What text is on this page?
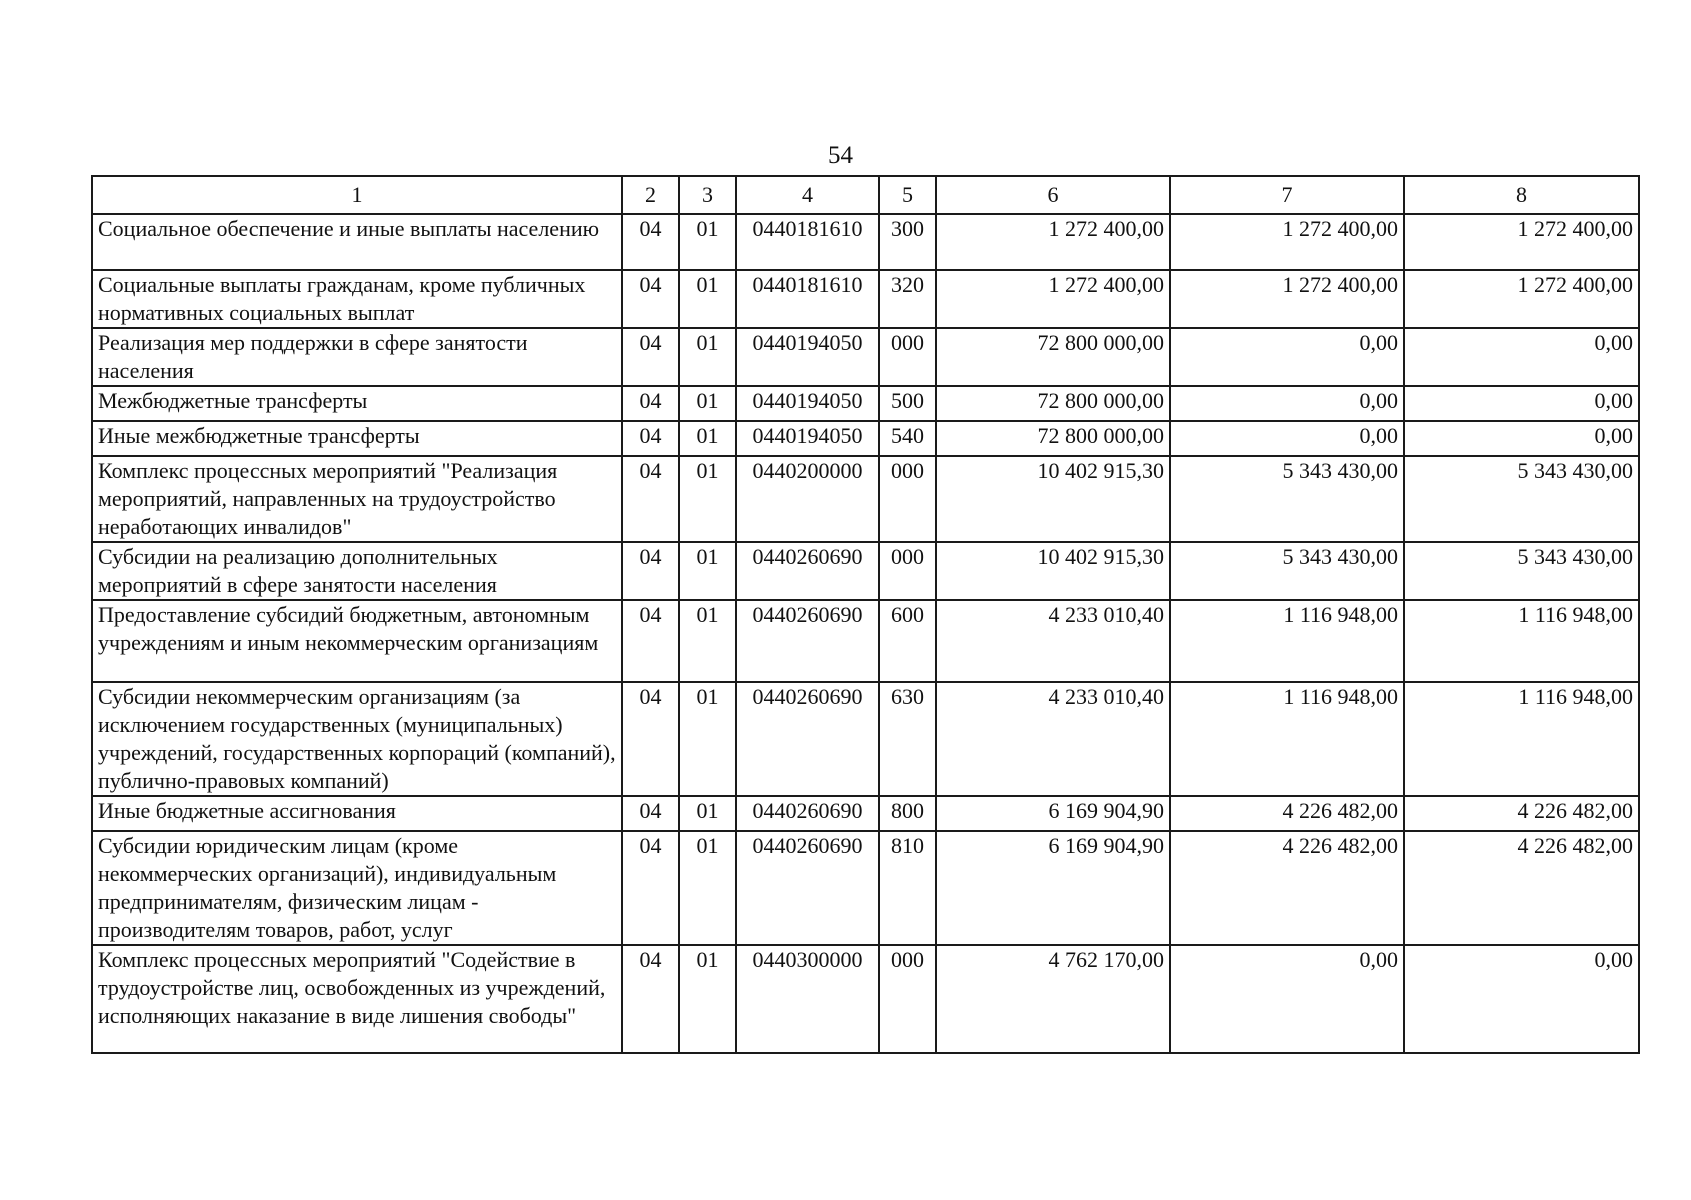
54
1	2	3	4	5	6	7	8
Социальное обеспечение и иные выплаты населению	04	01	0440181610	300	1 272 400,00	1 272 400,00	1 272 400,00
Социальные выплаты гражданам, кроме публичных нормативных социальных выплат	04	01	0440181610	320	1 272 400,00	1 272 400,00	1 272 400,00
Реализация мер поддержки в сфере занятости населения	04	01	0440194050	000	72 800 000,00	0,00	0,00
Межбюджетные трансферты	04	01	0440194050	500	72 800 000,00	0,00	0,00
Иные межбюджетные трансферты	04	01	0440194050	540	72 800 000,00	0,00	0,00
Комплекс процессных мероприятий "Реализация мероприятий, направленных на трудоустройство неработающих инвалидов"	04	01	0440200000	000	10 402 915,30	5 343 430,00	5 343 430,00
Субсидии на реализацию дополнительных мероприятий в сфере занятости населения	04	01	0440260690	000	10 402 915,30	5 343 430,00	5 343 430,00
Предоставление субсидий бюджетным, автономным учреждениям и иным некоммерческим организациям	04	01	0440260690	600	4 233 010,40	1 116 948,00	1 116 948,00
Субсидии некоммерческим организациям (за исключением государственных (муниципальных) учреждений, государственных корпораций (компаний), публично-правовых компаний)	04	01	0440260690	630	4 233 010,40	1 116 948,00	1 116 948,00
Иные бюджетные ассигнования	04	01	0440260690	800	6 169 904,90	4 226 482,00	4 226 482,00
Субсидии юридическим лицам (кроме некоммерческих организаций), индивидуальным предпринимателям, физическим лицам - производителям товаров, работ, услуг	04	01	0440260690	810	6 169 904,90	4 226 482,00	4 226 482,00
Комплекс процессных мероприятий "Содействие в трудоустройстве лиц, освобожденных из учреждений, исполняющих наказание в виде лишения свободы"	04	01	0440300000	000	4 762 170,00	0,00	0,00
